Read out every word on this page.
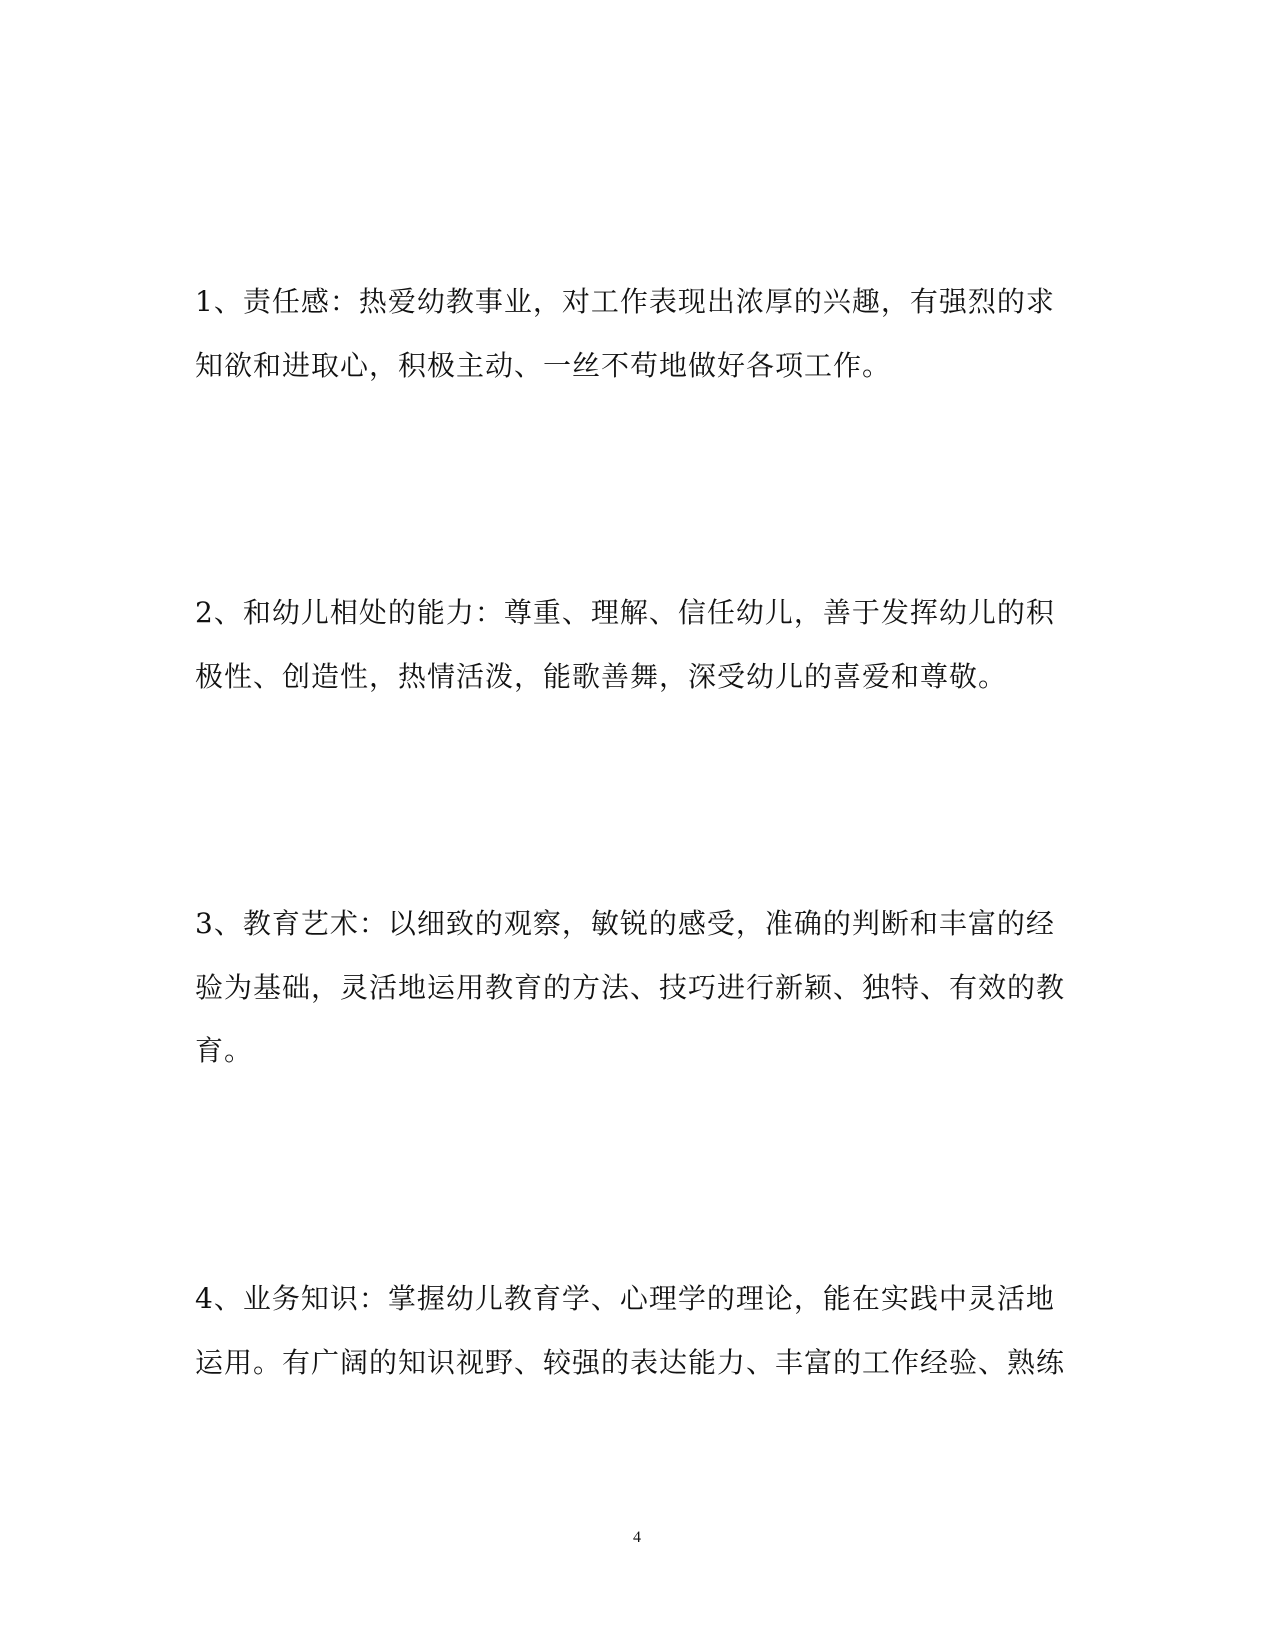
1、责任感：热爱幼教事业，对工作表现出浓厚的兴趣，有强烈的求
知欲和进取心，积极主动、一丝不苟地做好各项工作。
2、和幼儿相处的能力：尊重、理解、信任幼儿，善于发挥幼儿的积
极性、创造性，热情活泼，能歌善舞，深受幼儿的喜爱和尊敬。
3、教育艺术：以细致的观察，敏锐的感受，准确的判断和丰富的经
验为基础，灵活地运用教育的方法、技巧进行新颖、独特、有效的教
育。
4、业务知识：掌握幼儿教育学、心理学的理论，能在实践中灵活地
运用。有广阔的知识视野、较强的表达能力、丰富的工作经验、熟练
4
